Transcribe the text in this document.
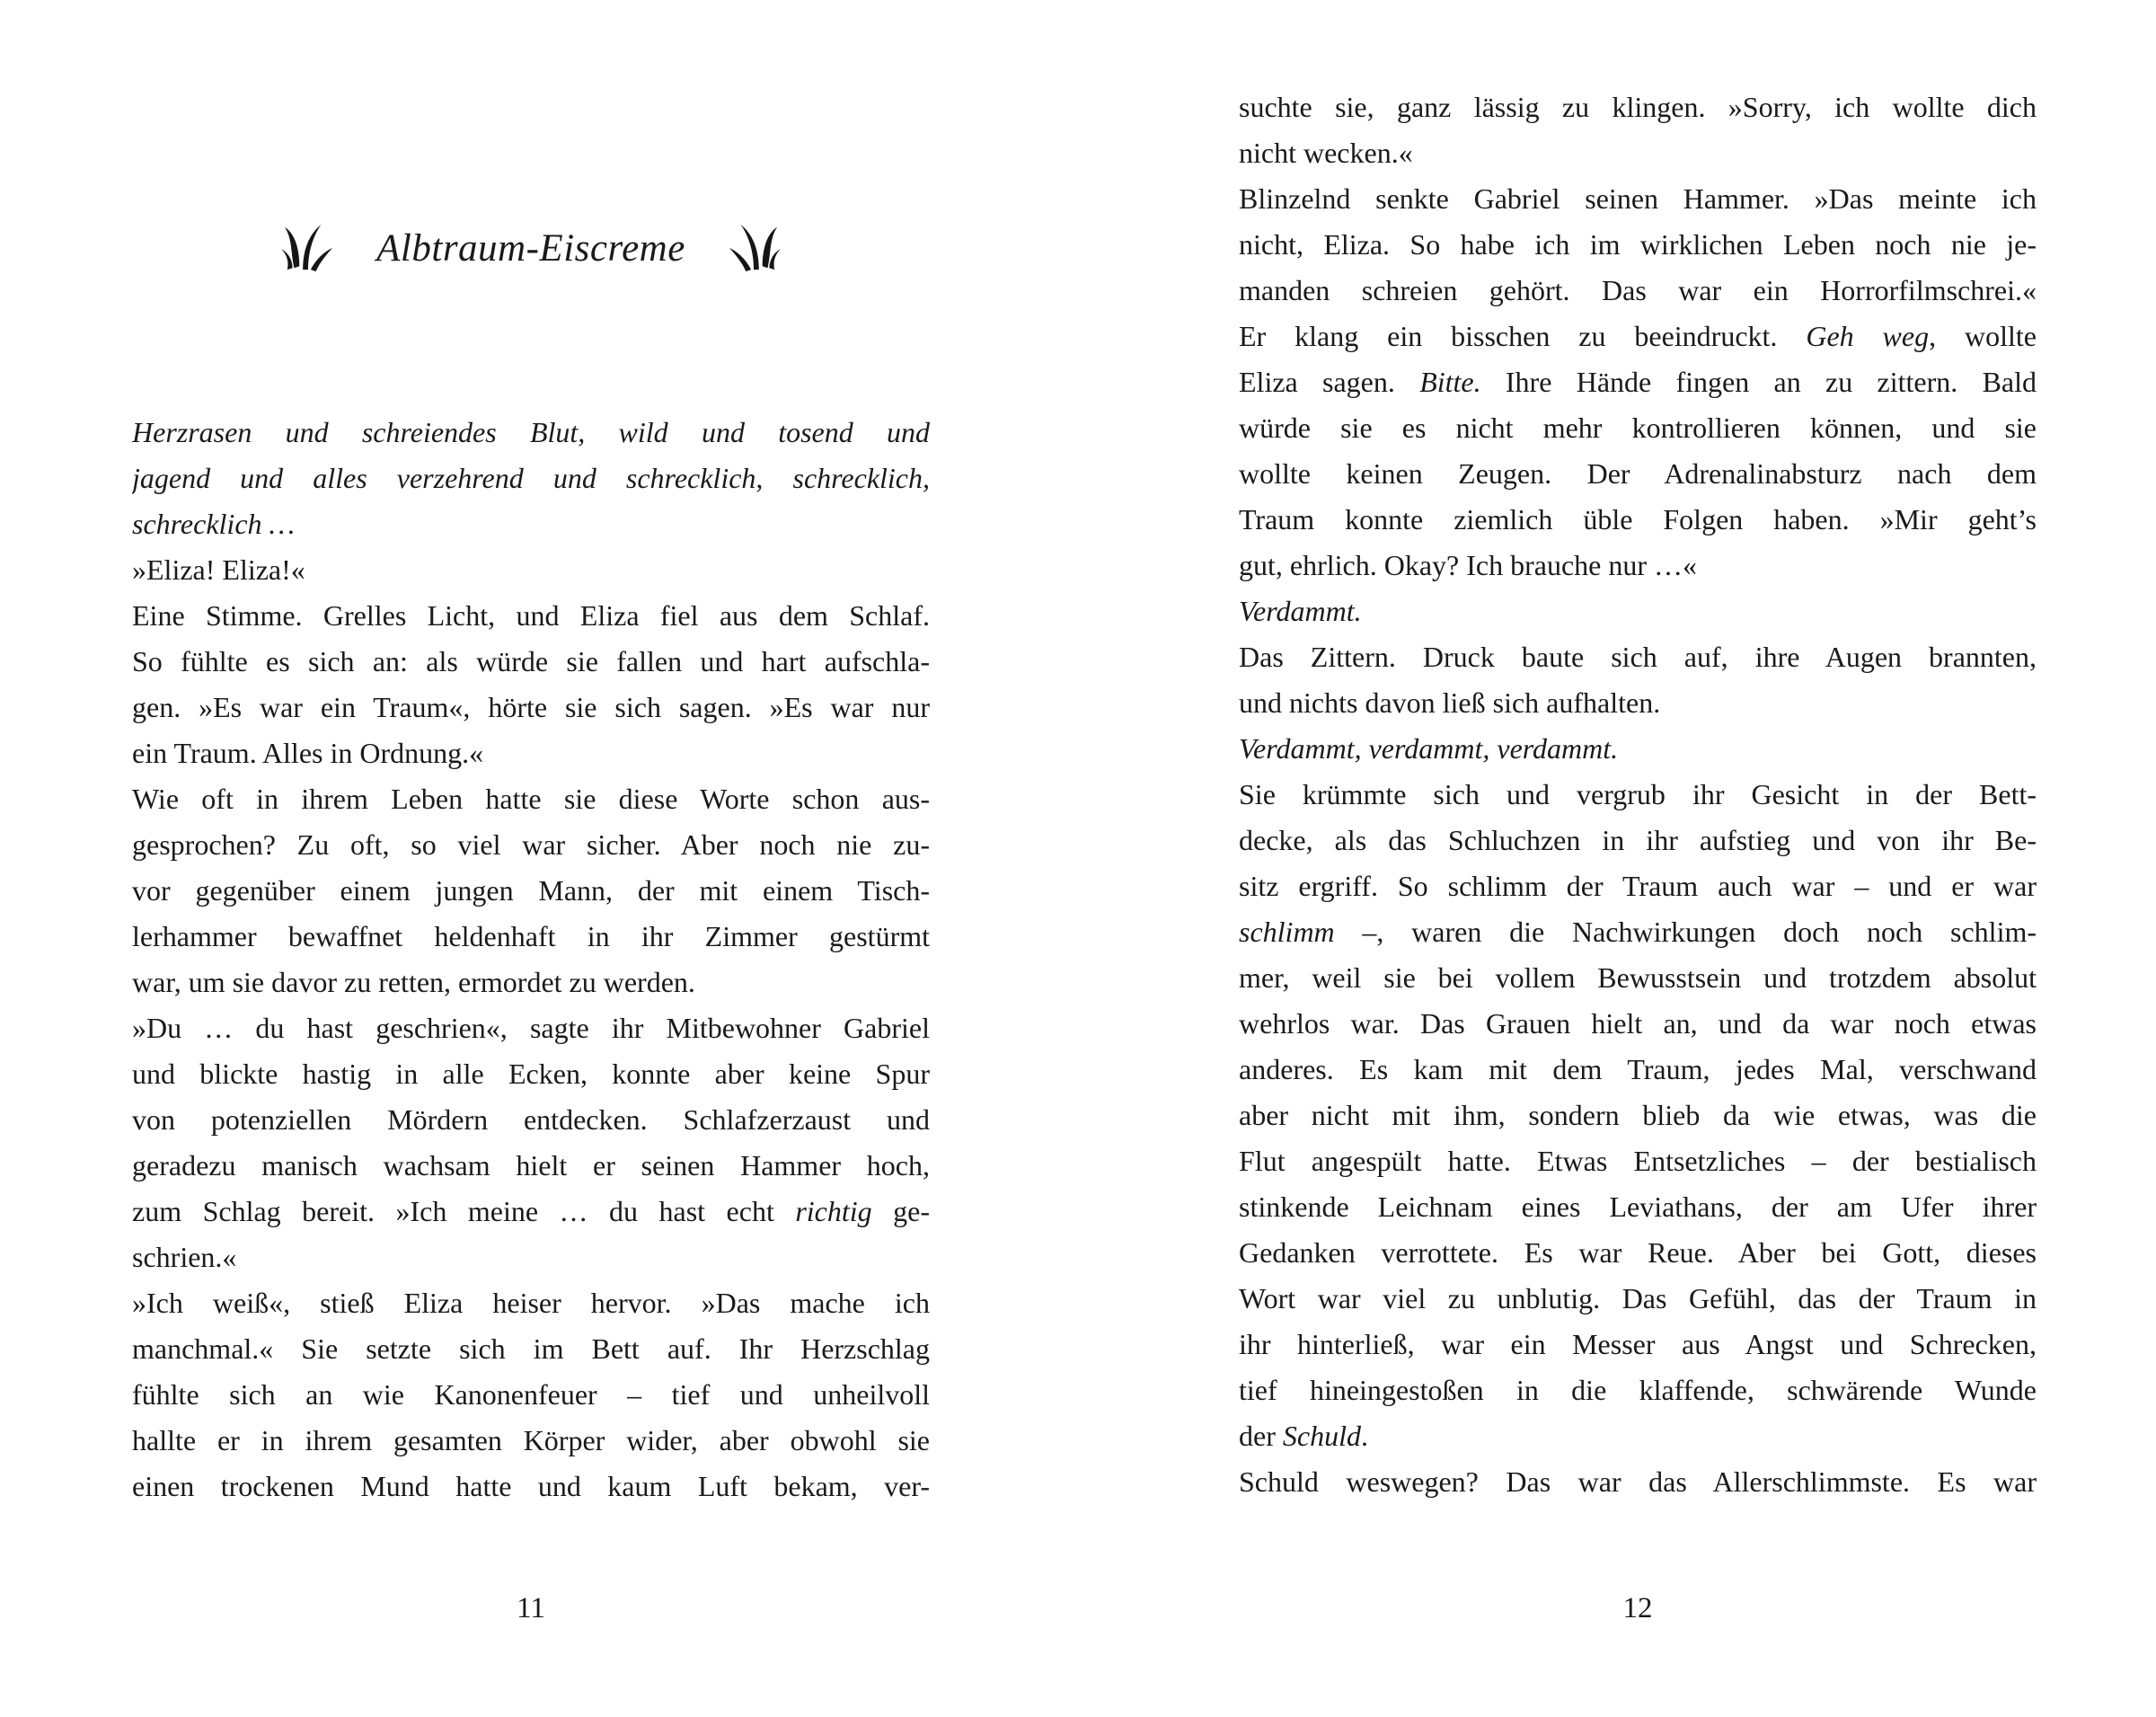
Albtraum-Eiscreme
Herzrasen und schreiendes Blut, wild und tosend und
jagend und alles verzehrend und schrecklich, schrecklich,
schrecklich …
»Eliza! Eliza!«
Eine Stimme. Grelles Licht, und Eliza fiel aus dem Schlaf.
So fühlte es sich an: als würde sie fallen und hart aufschla-
gen. »Es war ein Traum«, hörte sie sich sagen. »Es war nur
ein Traum. Alles in Ordnung.«
Wie oft in ihrem Leben hatte sie diese Worte schon aus-
gesprochen? Zu oft, so viel war sicher. Aber noch nie zu-
vor gegenüber einem jungen Mann, der mit einem Tisch-
lerhammer bewaffnet heldenhaft in ihr Zimmer gestürmt
war, um sie davor zu retten, ermordet zu werden.
»Du … du hast geschrien«, sagte ihr Mitbewohner Gabriel
und blickte hastig in alle Ecken, konnte aber keine Spur
von potenziellen Mördern entdecken. Schlafzerzaust und
geradezu manisch wachsam hielt er seinen Hammer hoch,
zum Schlag bereit. »Ich meine … du hast echt richtig ge-
schrien.«
»Ich weiß«, stieß Eliza heiser hervor. »Das mache ich
manchmal.« Sie setzte sich im Bett auf. Ihr Herzschlag
fühlte sich an wie Kanonenfeuer – tief und unheilvoll
hallte er in ihrem gesamten Körper wider, aber obwohl sie
einen trockenen Mund hatte und kaum Luft bekam, ver-
11
suchte sie, ganz lässig zu klingen. »Sorry, ich wollte dich
nicht wecken.«
Blinzelnd senkte Gabriel seinen Hammer. »Das meinte ich
nicht, Eliza. So habe ich im wirklichen Leben noch nie je-
manden schreien gehört. Das war ein Horrorfilmschrei.«
Er klang ein bisschen zu beeindruckt. Geh weg, wollte
Eliza sagen. Bitte. Ihre Hände fingen an zu zittern. Bald
würde sie es nicht mehr kontrollieren können, und sie
wollte keinen Zeugen. Der Adrenalinabsturz nach dem
Traum konnte ziemlich üble Folgen haben. »Mir geht’s
gut, ehrlich. Okay? Ich brauche nur …«
Verdammt.
Das Zittern. Druck baute sich auf, ihre Augen brannten,
und nichts davon ließ sich aufhalten.
Verdammt, verdammt, verdammt.
Sie krümmte sich und vergrub ihr Gesicht in der Bett-
decke, als das Schluchzen in ihr aufstieg und von ihr Be-
sitz ergriff. So schlimm der Traum auch war – und er war
schlimm –, waren die Nachwirkungen doch noch schlim-
mer, weil sie bei vollem Bewusstsein und trotzdem absolut
wehrlos war. Das Grauen hielt an, und da war noch etwas
anderes. Es kam mit dem Traum, jedes Mal, verschwand
aber nicht mit ihm, sondern blieb da wie etwas, was die
Flut angespült hatte. Etwas Entsetzliches – der bestialisch
stinkende Leichnam eines Leviathans, der am Ufer ihrer
Gedanken verrottete. Es war Reue. Aber bei Gott, dieses
Wort war viel zu unblutig. Das Gefühl, das der Traum in
ihr hinterließ, war ein Messer aus Angst und Schrecken,
tief hineingestoßen in die klaffende, schwärende Wunde
der Schuld.
Schuld weswegen? Das war das Allerschlimmste. Es war
12
